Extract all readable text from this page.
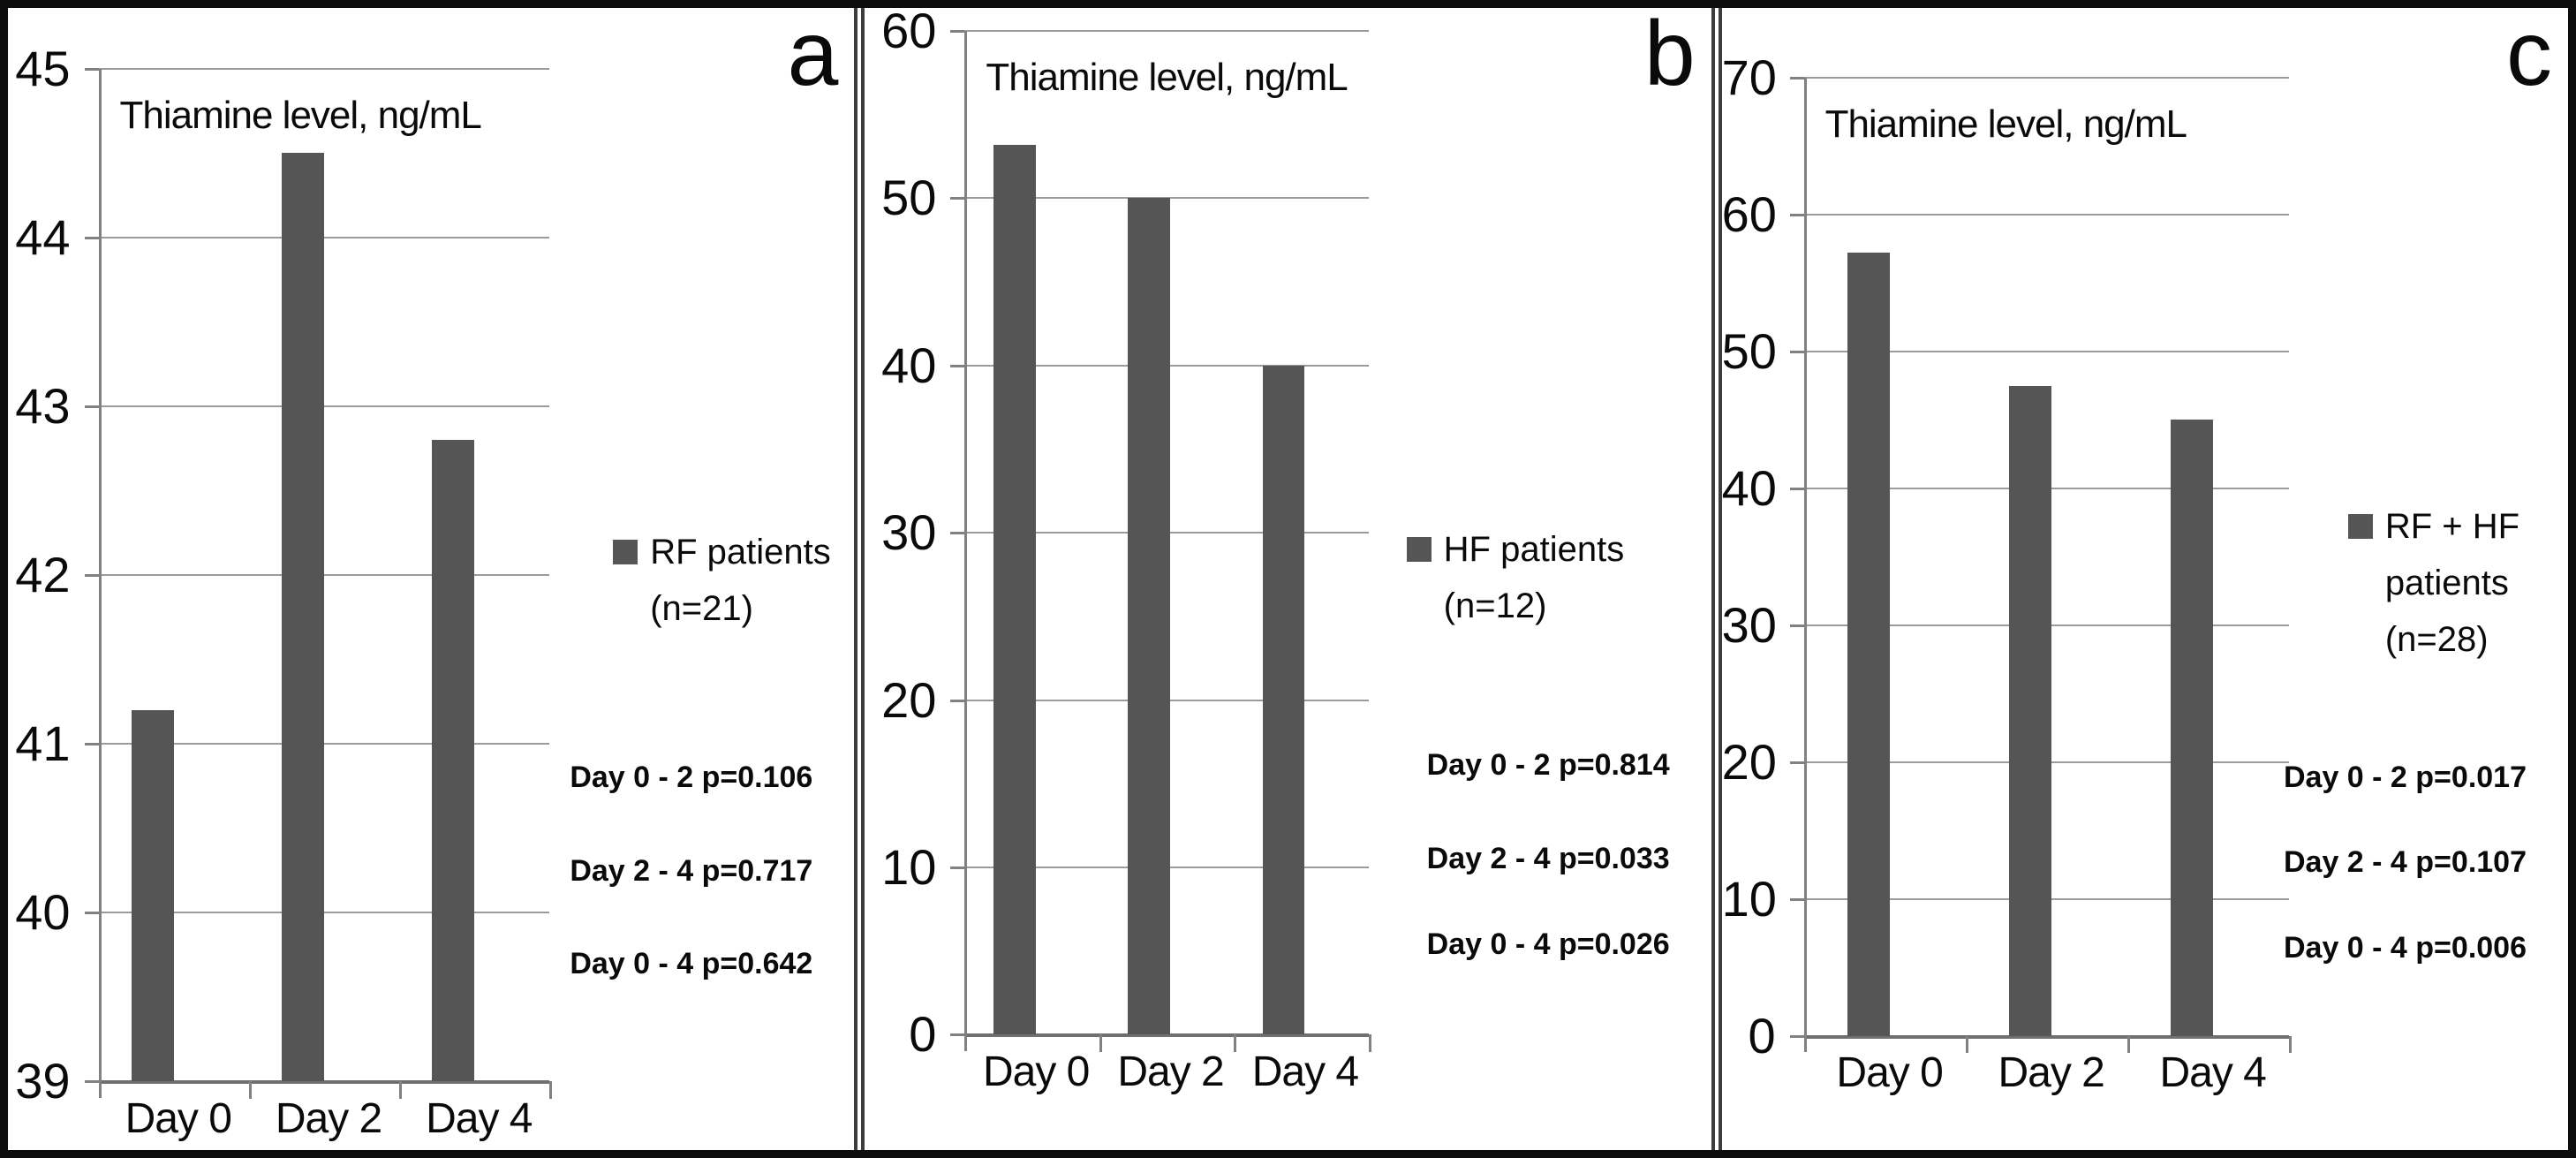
39
40
41
42
43
44
45
Day 0	Day 2	Day 4
Thiamine level, ng/mL
a
RF patients
(n=21)
Day 0 - 2 p=0.106
Day 2 - 4 p=0.717
Day 0 - 4 p=0.642
0
10
20
30
40
50
60
Day 0 Day 2 Day 4
Thiamine level, ng/mL	b
HF patients
(n=12)
Day 0 - 2 p=0.814
Day 2 - 4 p=0.033
Day 0 - 4 p=0.026
0
10
20
30
40
50
60
70
Day 0	Day 2	Day 4
Thiamine level, ng/mL
c
RF + HF
patients
(n=28)
Day 0 - 2 p=0.017
Day 2 - 4 p=0.107
Day 0 - 4 p=0.006
